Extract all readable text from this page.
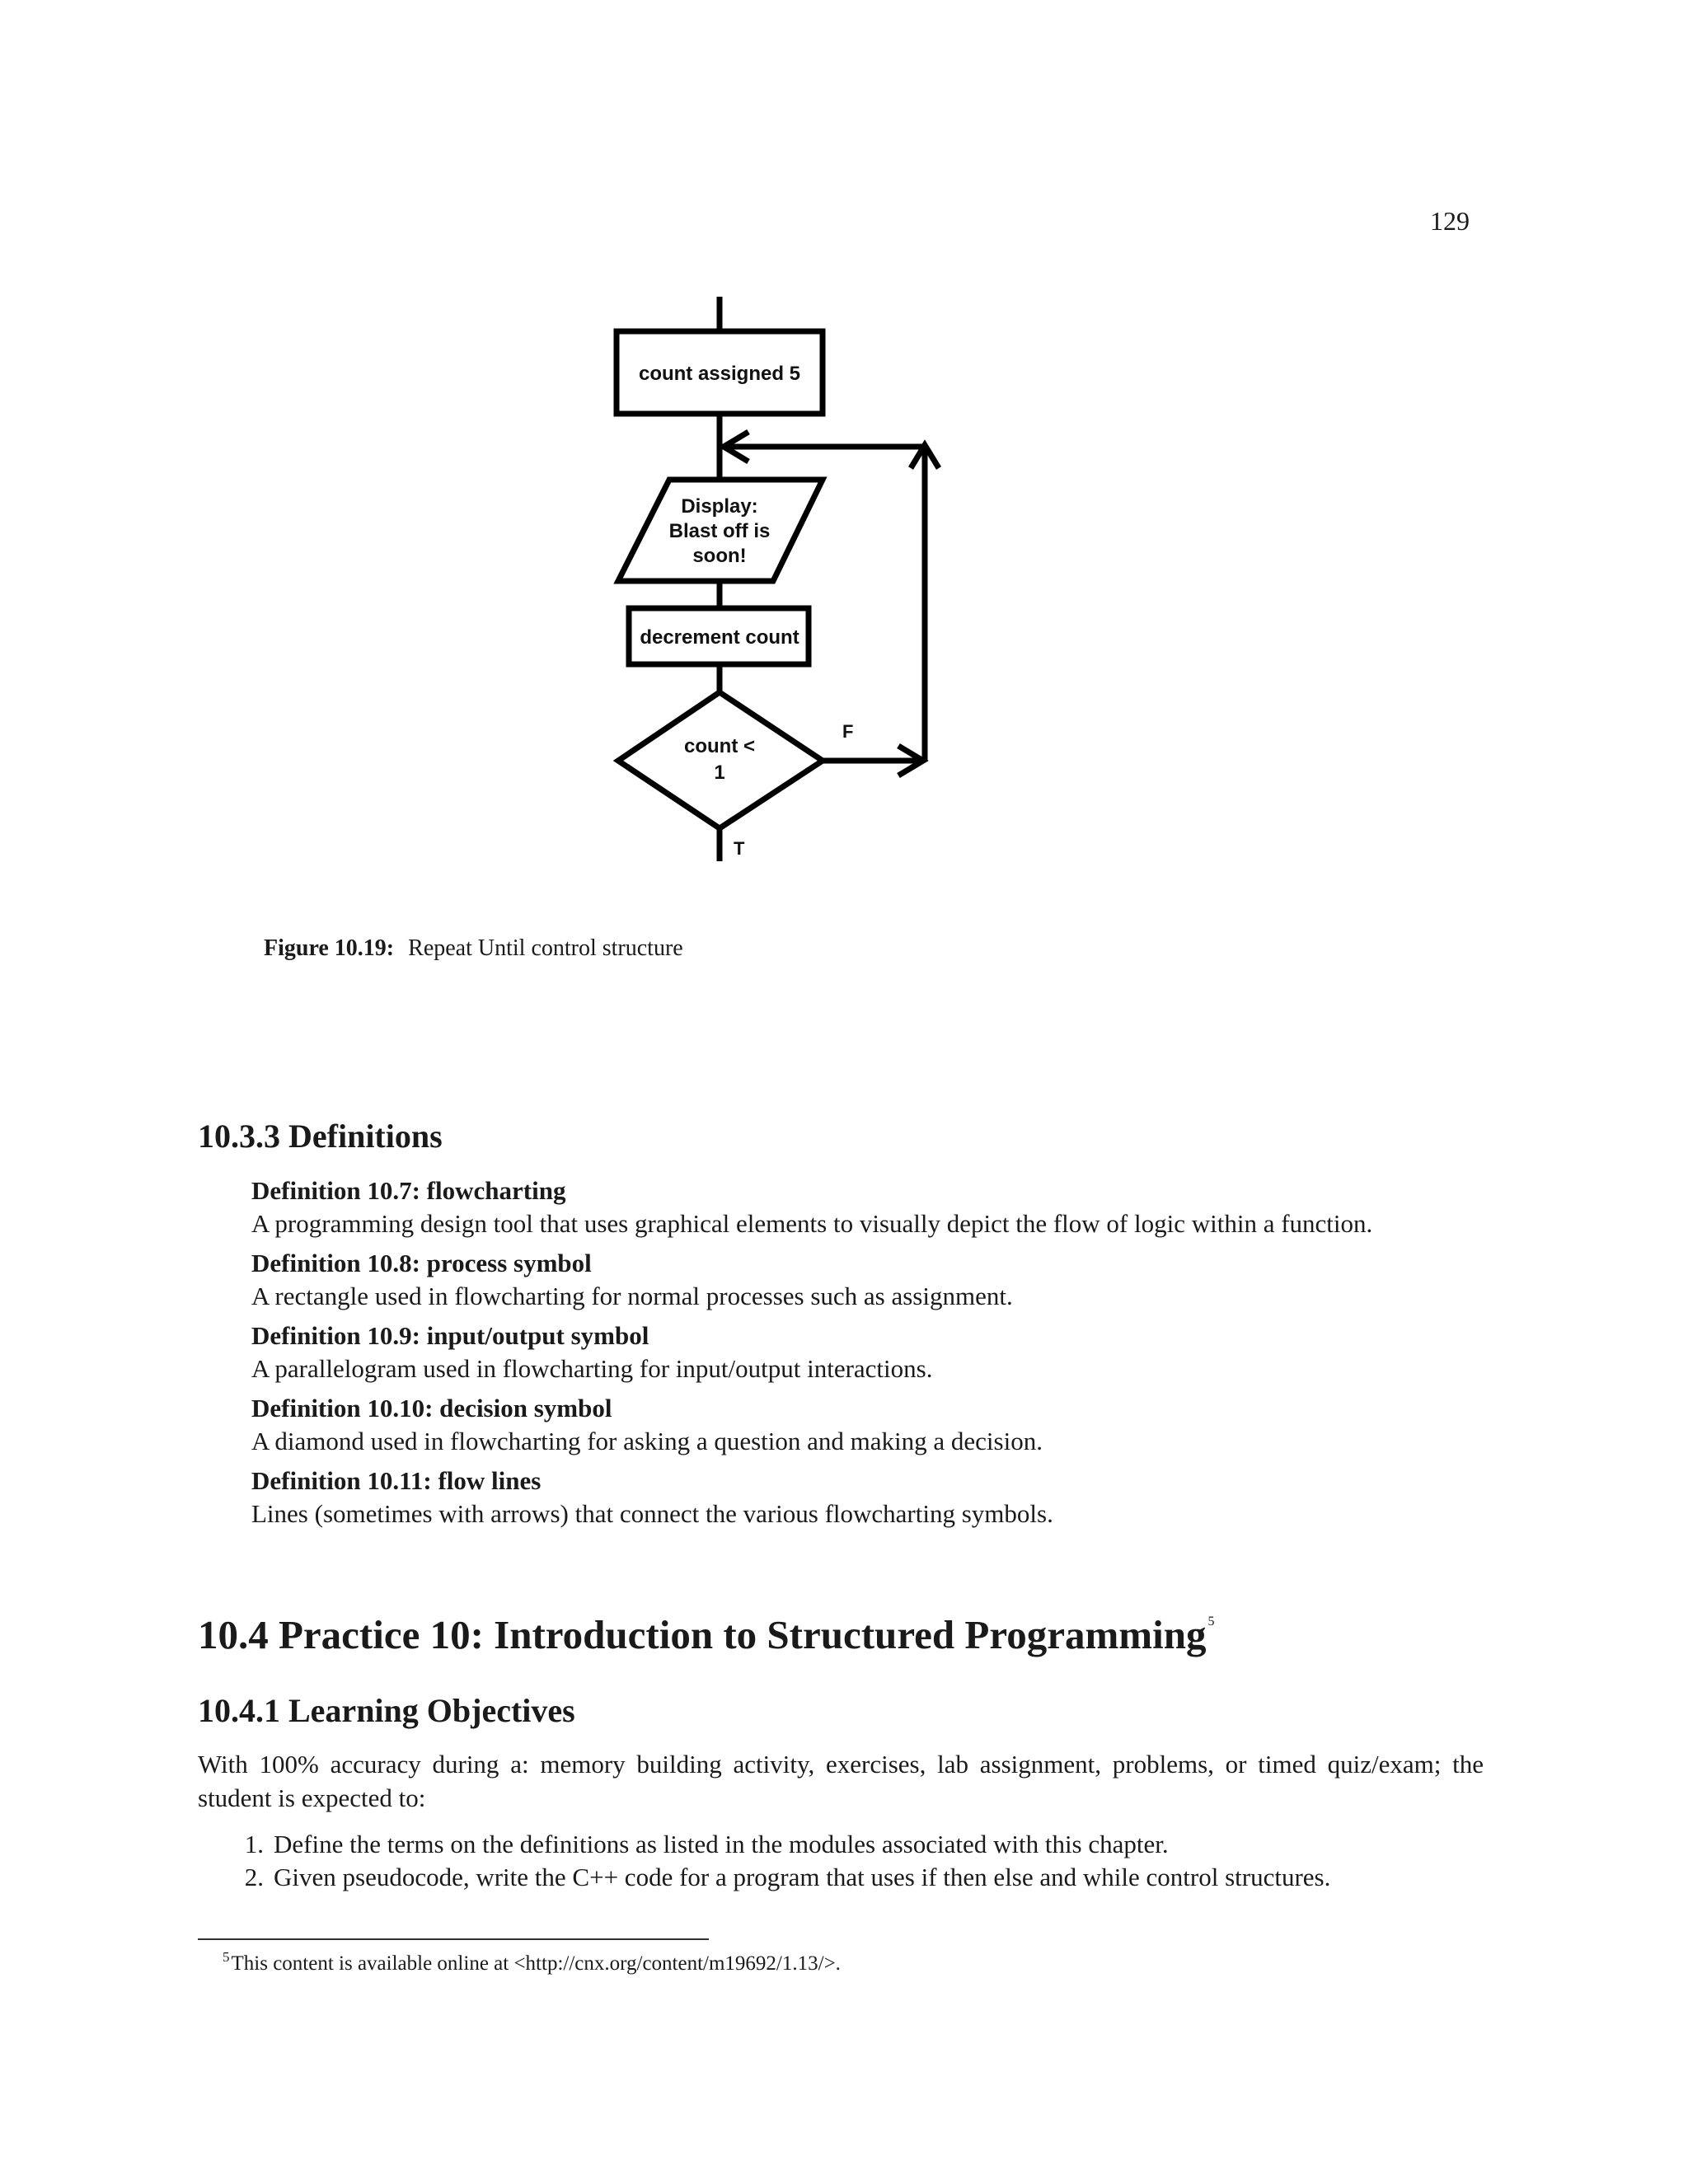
129
count assigned 5
Display:
Blast off is
soon!
decrement count
count <
1
F
T
Figure 10.19: Repeat Until control structure
10.3.3 Definitions
Definition 10.7: flowcharting
A programming design tool that uses graphical elements to visually depict the flow of logic within a function.
Definition 10.8: process symbol
A rectangle used in flowcharting for normal processes such as assignment.
Definition 10.9: input/output symbol
A parallelogram used in flowcharting for input/output interactions.
Definition 10.10: decision symbol
A diamond used in flowcharting for asking a question and making a decision.
Definition 10.11: flow lines
Lines (sometimes with arrows) that connect the various flowcharting symbols.
10.4 Practice 10: Introduction to Structured Programming $^5$
10.4.1 Learning Objectives
With 100% accuracy during a: memory building activity, exercises, lab assignment, problems, or timed quiz/exam; the student is expected to:
1. Define the terms on the definitions as listed in the modules associated with this chapter.
2. Given pseudocode, write the C++ code for a program that uses if then else and while control structures.
$^5$This content is available online at <http://cnx.org/content/m19692/1.13/>.
